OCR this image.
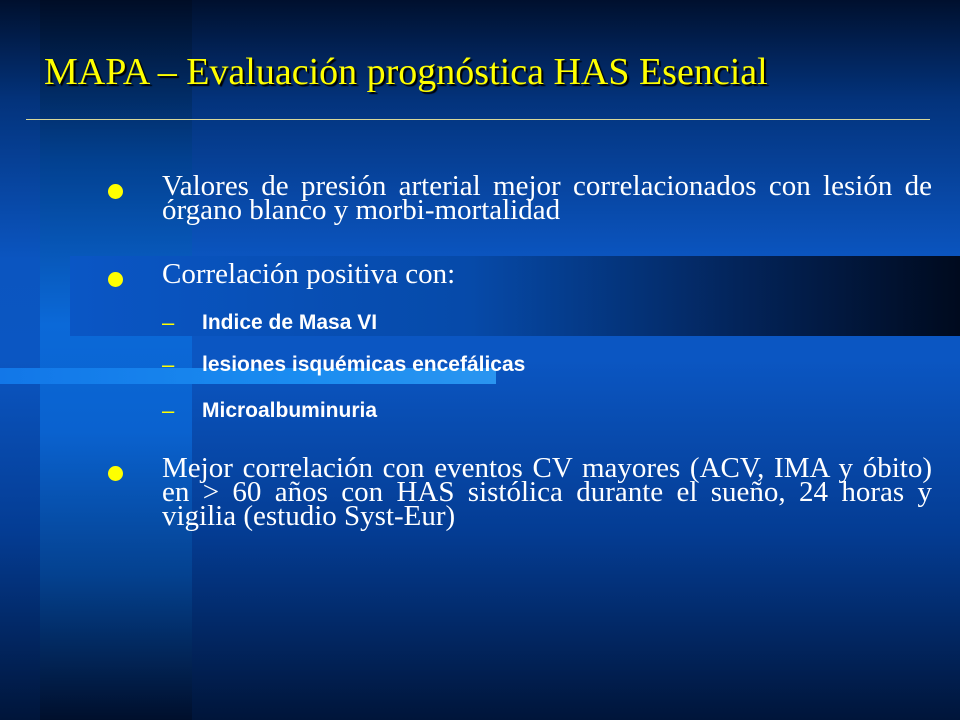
MAPA – Evaluación prognóstica HAS Esencial
Valores de presión arterial mejor correlacionados con lesión de órgano blanco y morbi-mortalidad
Correlación positiva con:
– Indice de Masa VI
– lesiones isquémicas encefálicas
– Microalbuminuria
Mejor correlación con eventos CV mayores (ACV, IMA y óbito) en > 60 años con HAS sistólica durante el sueño, 24 horas y vigilia (estudio Syst-Eur)
